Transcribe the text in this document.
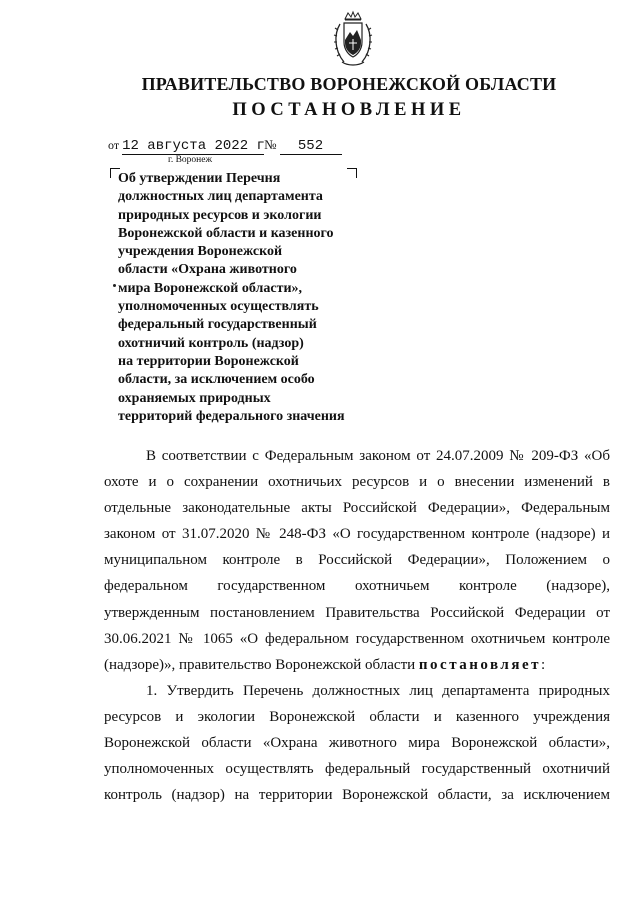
ПРАВИТЕЛЬСТВО ВОРОНЕЖСКОЙ ОБЛАСТИ
ПОСТАНОВЛЕНИЕ
от 12 августа 2022 г№ 552
г. Воронеж
Об утверждении Перечня
должностных лиц департамента
природных ресурсов и экологии
Воронежской области и казенного
учреждения Воронежской
области «Охрана животного
мира Воронежской области»,
уполномоченных осуществлять
федеральный государственный
охотничий контроль (надзор)
на территории Воронежской
области, за исключением особо
охраняемых природных
территорий федерального значения
В соответствии с Федеральным законом от 24.07.2009 № 209-ФЗ «Об
охоте и о сохранении охотничьих ресурсов и о внесении изменений в
отдельные законодательные акты Российской Федерации», Федеральным
законом от 31.07.2020 № 248-ФЗ «О государственном контроле (надзоре) и
муниципальном контроле в Российской Федерации», Положением о
федеральном государственном охотничьем контроле (надзоре),
утвержденным постановлением Правительства Российской Федерации от
30.06.2021 № 1065 «О федеральном государственном охотничьем контроле
(надзоре)», правительство Воронежской области постановляет:
1. Утвердить Перечень должностных лиц департамента природных
ресурсов и экологии Воронежской области и казенного учреждения
Воронежской области «Охрана животного мира Воронежской области»,
уполномоченных осуществлять федеральный государственный охотничий
контроль (надзор) на территории Воронежской области, за исключением
